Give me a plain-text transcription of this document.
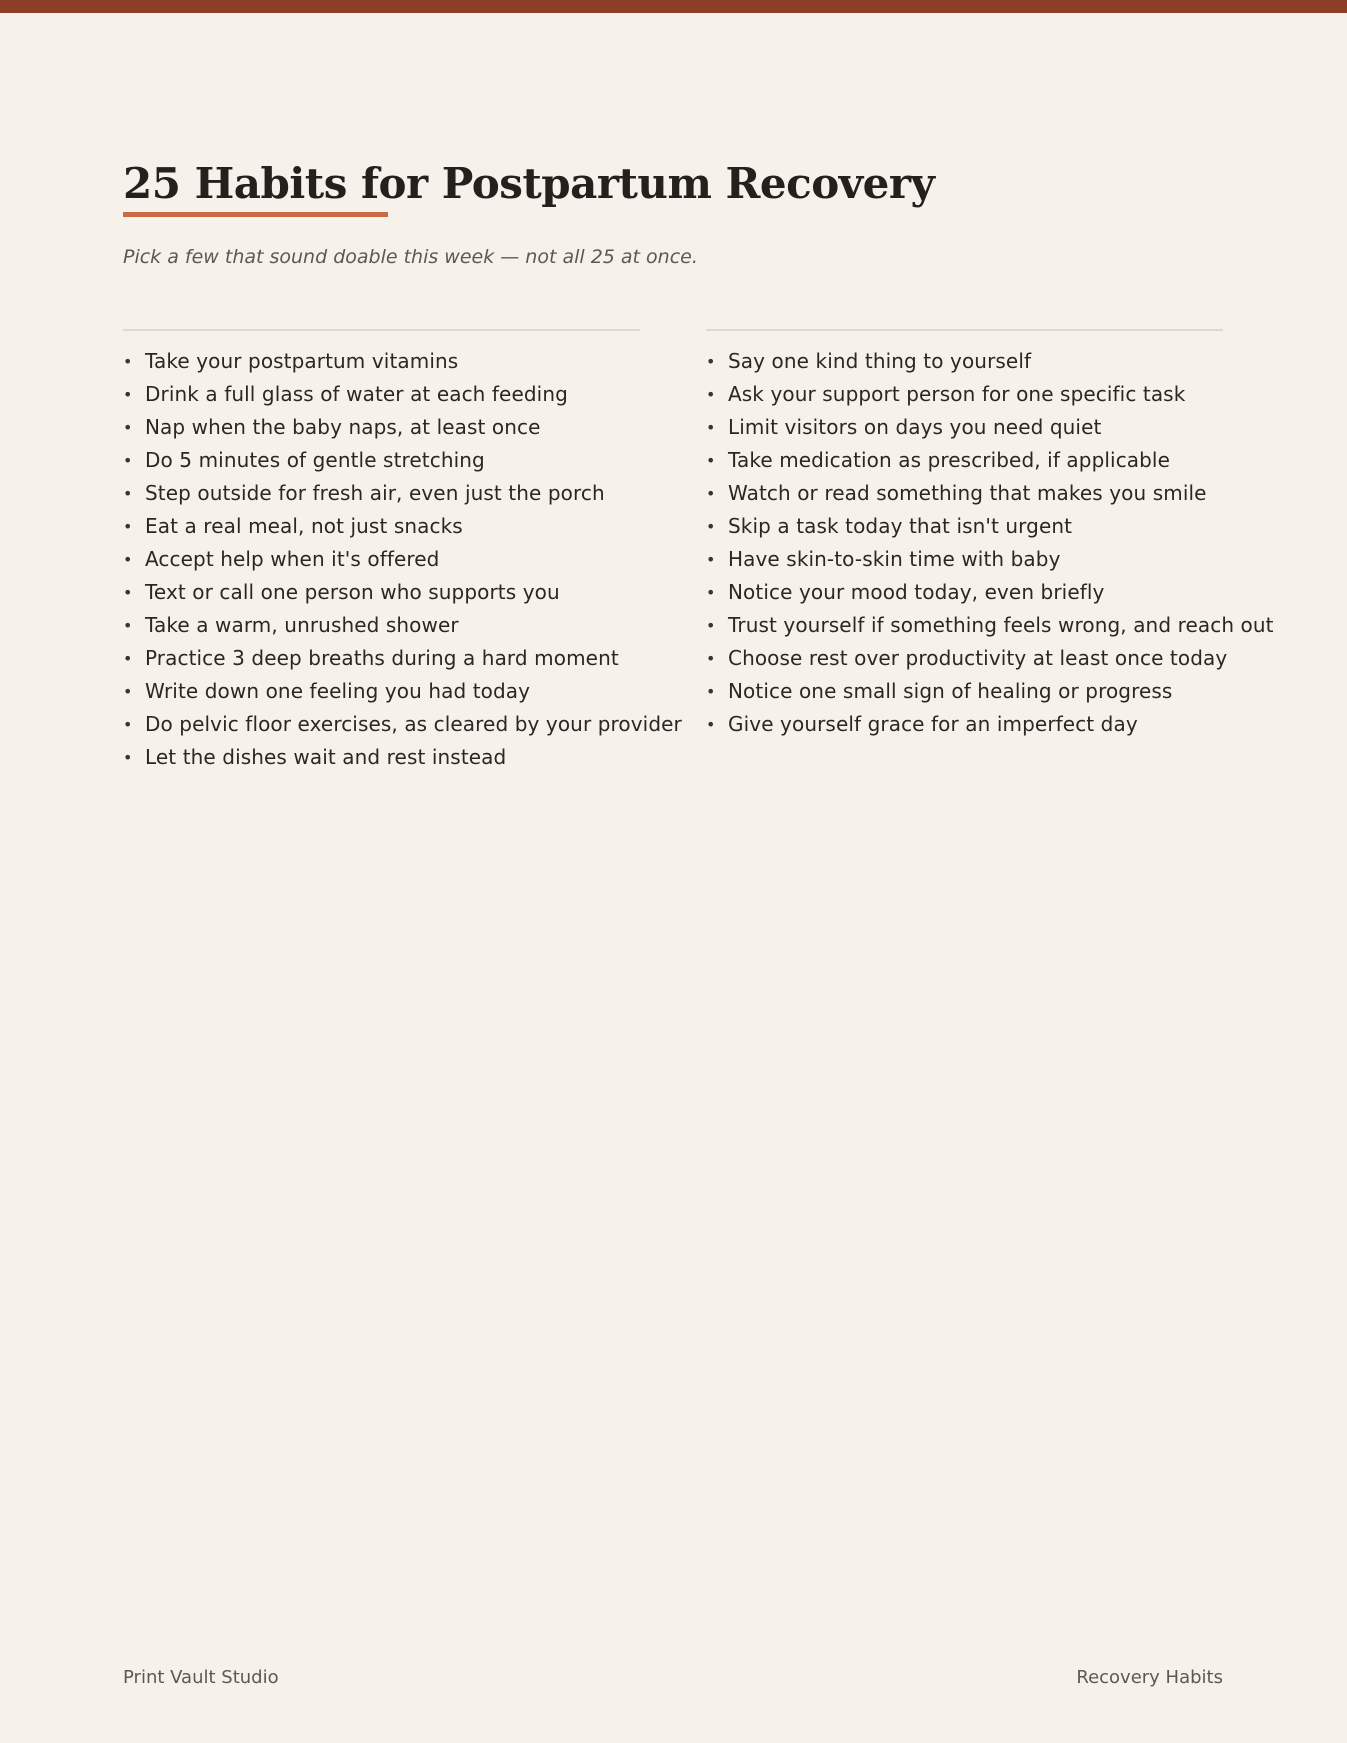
25 Habits for Postpartum Recovery

Pick a few that sound doable this week — not all 25 at once.

• Take your postpartum vitamins
• Drink a full glass of water at each feeding
• Nap when the baby naps, at least once
• Do 5 minutes of gentle stretching
• Step outside for fresh air, even just the porch
• Eat a real meal, not just snacks
• Accept help when it's offered
• Text or call one person who supports you
• Take a warm, unrushed shower
• Practice 3 deep breaths during a hard moment
• Write down one feeling you had today
• Do pelvic floor exercises, as cleared by your provider
• Let the dishes wait and rest instead
• Say one kind thing to yourself
• Ask your support person for one specific task
• Limit visitors on days you need quiet
• Take medication as prescribed, if applicable
• Watch or read something that makes you smile
• Skip a task today that isn't urgent
• Have skin-to-skin time with baby
• Notice your mood today, even briefly
• Trust yourself if something feels wrong, and reach out
• Choose rest over productivity at least once today
• Notice one small sign of healing or progress
• Give yourself grace for an imperfect day
Print Vault Studio	Recovery Habits
